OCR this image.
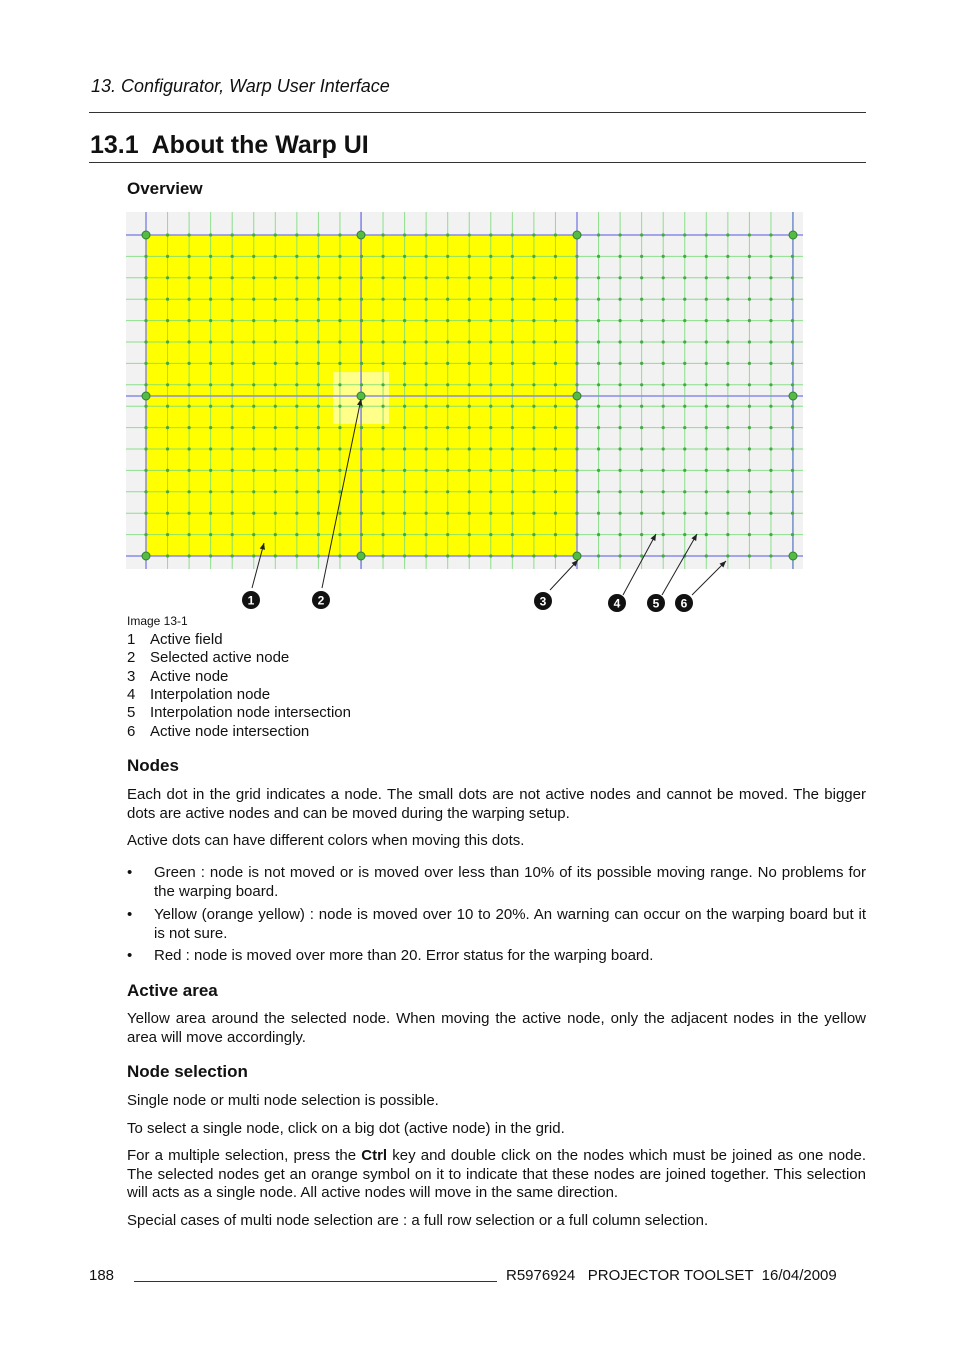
13. Configurator, Warp User Interface
13.1  About the Warp UI
Overview
1	2	3	4	5 6
Image 13-1
1 Active field
2 Selected active node
3 Active node
4 Interpolation node
5 Interpolation node intersection
6 Active node intersection
Nodes
Each dot in the grid indicates a node. The small dots are not active nodes and cannot be moved. The bigger dots are active nodes and can be moved during the warping setup.
Active dots can have different colors when moving this dots.
• Green : node is not moved or is moved over less than 10% of its possible moving range. No problems for the warping board.
• Yellow (orange yellow) : node is moved over 10 to 20%. An warning can occur on the warping board but it is not sure.
• Red : node is moved over more than 20. Error status for the warping board.
Active area
Yellow area around the selected node. When moving the active node, only the adjacent nodes in the yellow area will move accordingly.
Node selection
Single node or multi node selection is possible.
To select a single node, click on a big dot (active node) in the grid.
For a multiple selection, press the Ctrl key and double click on the nodes which must be joined as one node. The selected nodes get an orange symbol on it to indicate that these nodes are joined together. This selection will acts as a single node. All active nodes will move in the same direction.
Special cases of multi node selection are : a full row selection or a full column selection.
188	R5976924   PROJECTOR TOOLSET  16/04/2009
